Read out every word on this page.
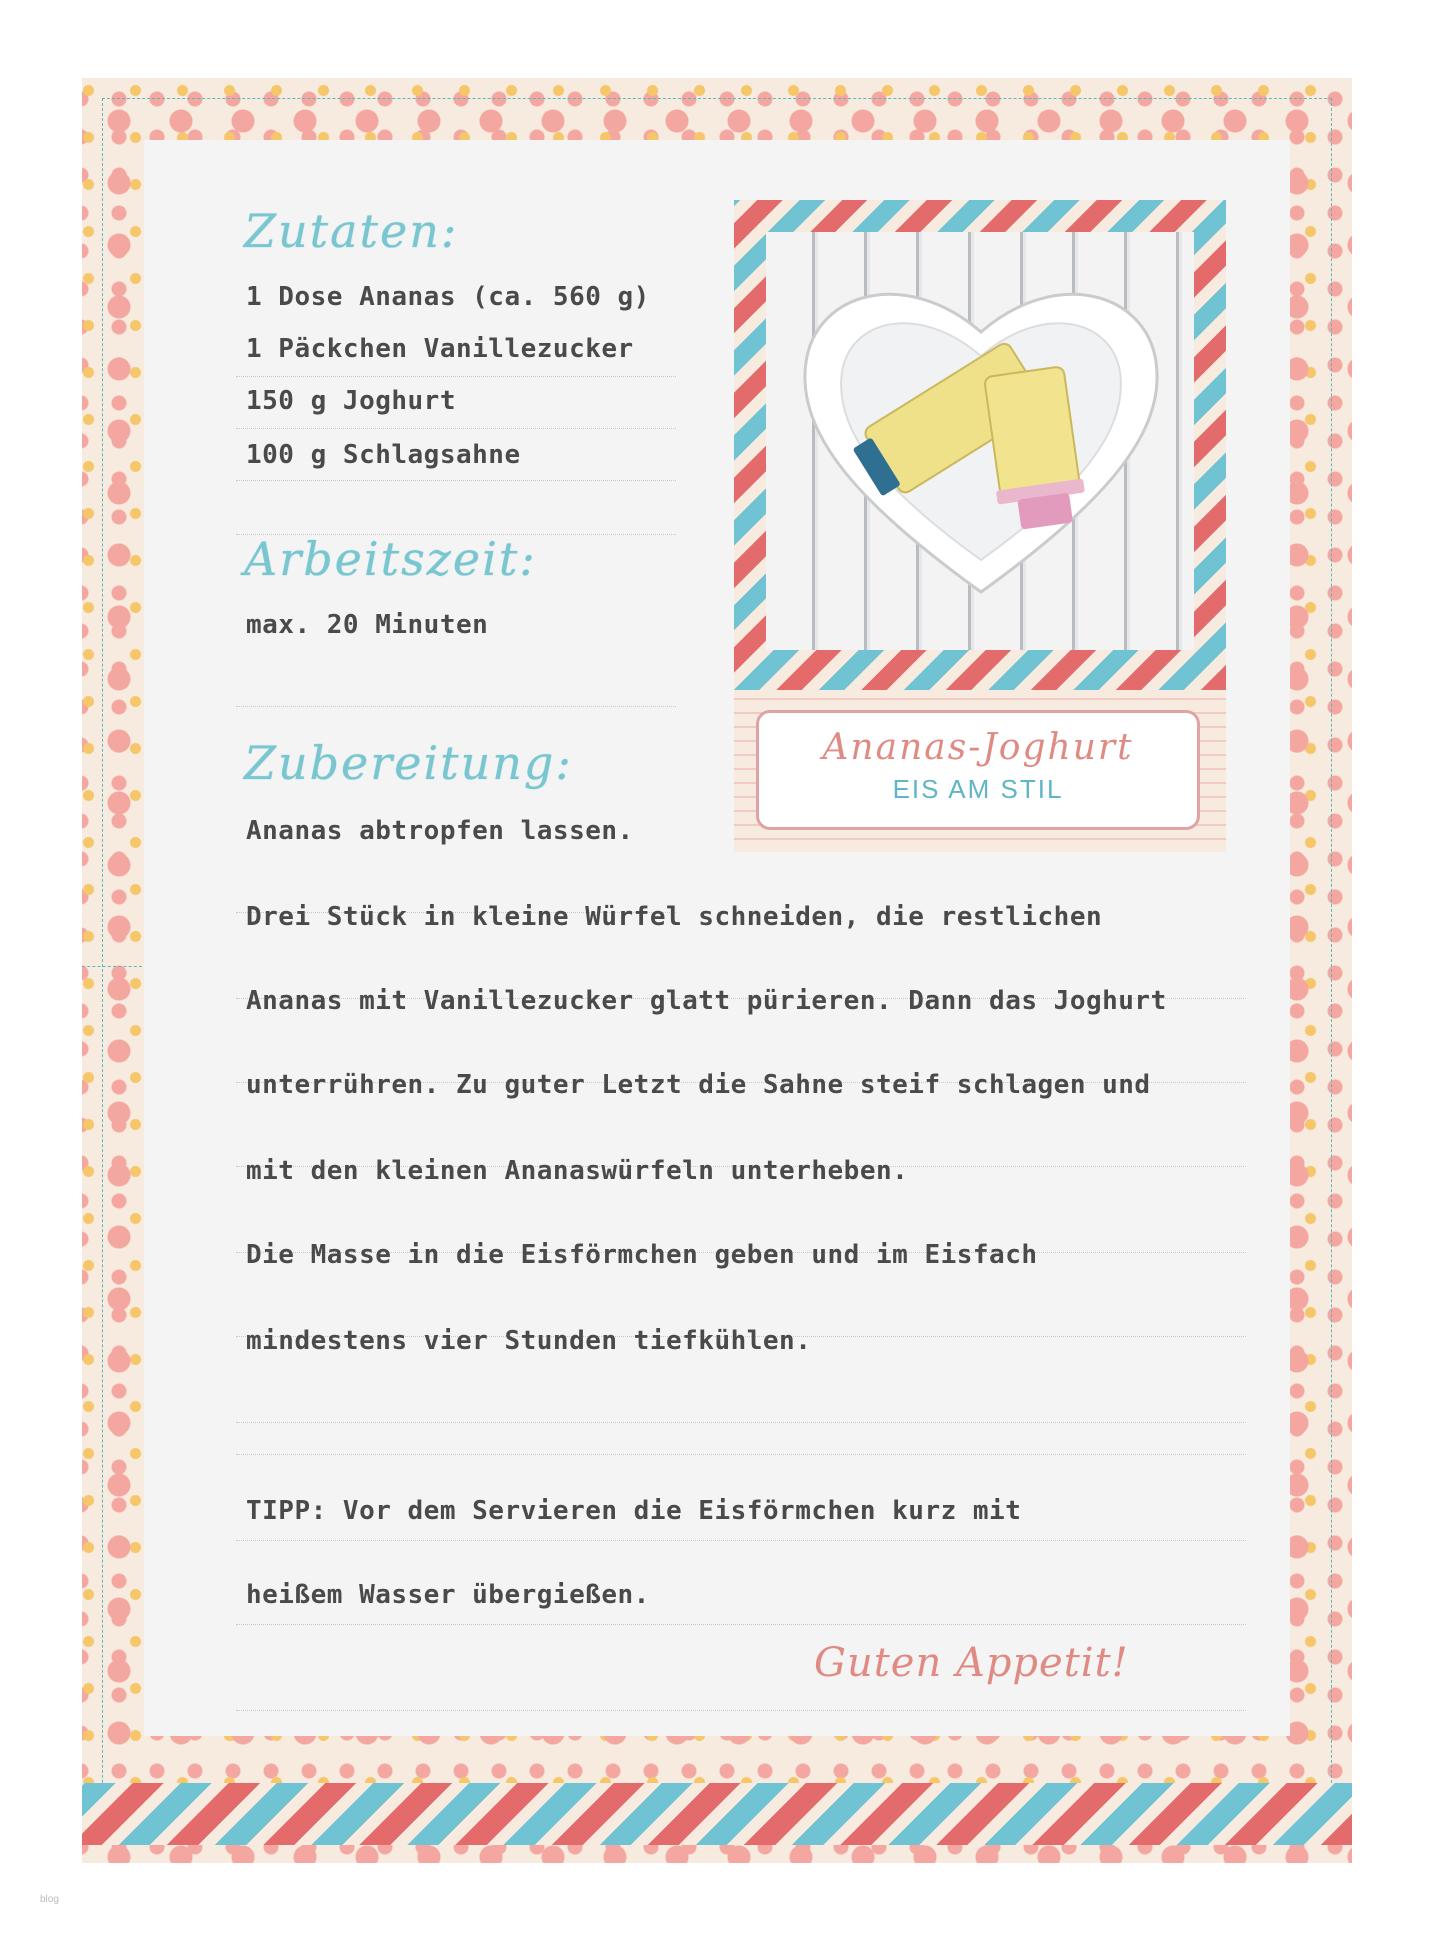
Zutaten:

1 Dose Ananas (ca. 560 g)

1 Päckchen Vanillezucker

150 g Joghurt

100 g Schlagsahne

Arbeitszeit:

max. 20 Minuten

Zubereitung:

Ananas abtropfen lassen.

Drei Stück in kleine Würfel schneiden, die restlichen

Ananas mit Vanillezucker glatt pürieren. Dann das Joghurt

unterrühren. Zu guter Letzt die Sahne steif schlagen und

mit den kleinen Ananaswürfeln unterheben.

Die Masse in die Eisförmchen geben und im Eisfach

mindestens vier Stunden tiefkühlen.

TIPP: Vor dem Servieren die Eisförmchen kurz mit

heißem Wasser übergießen.

Guten Appetit!

Ananas-Joghurt
EIS AM STIL
blog
